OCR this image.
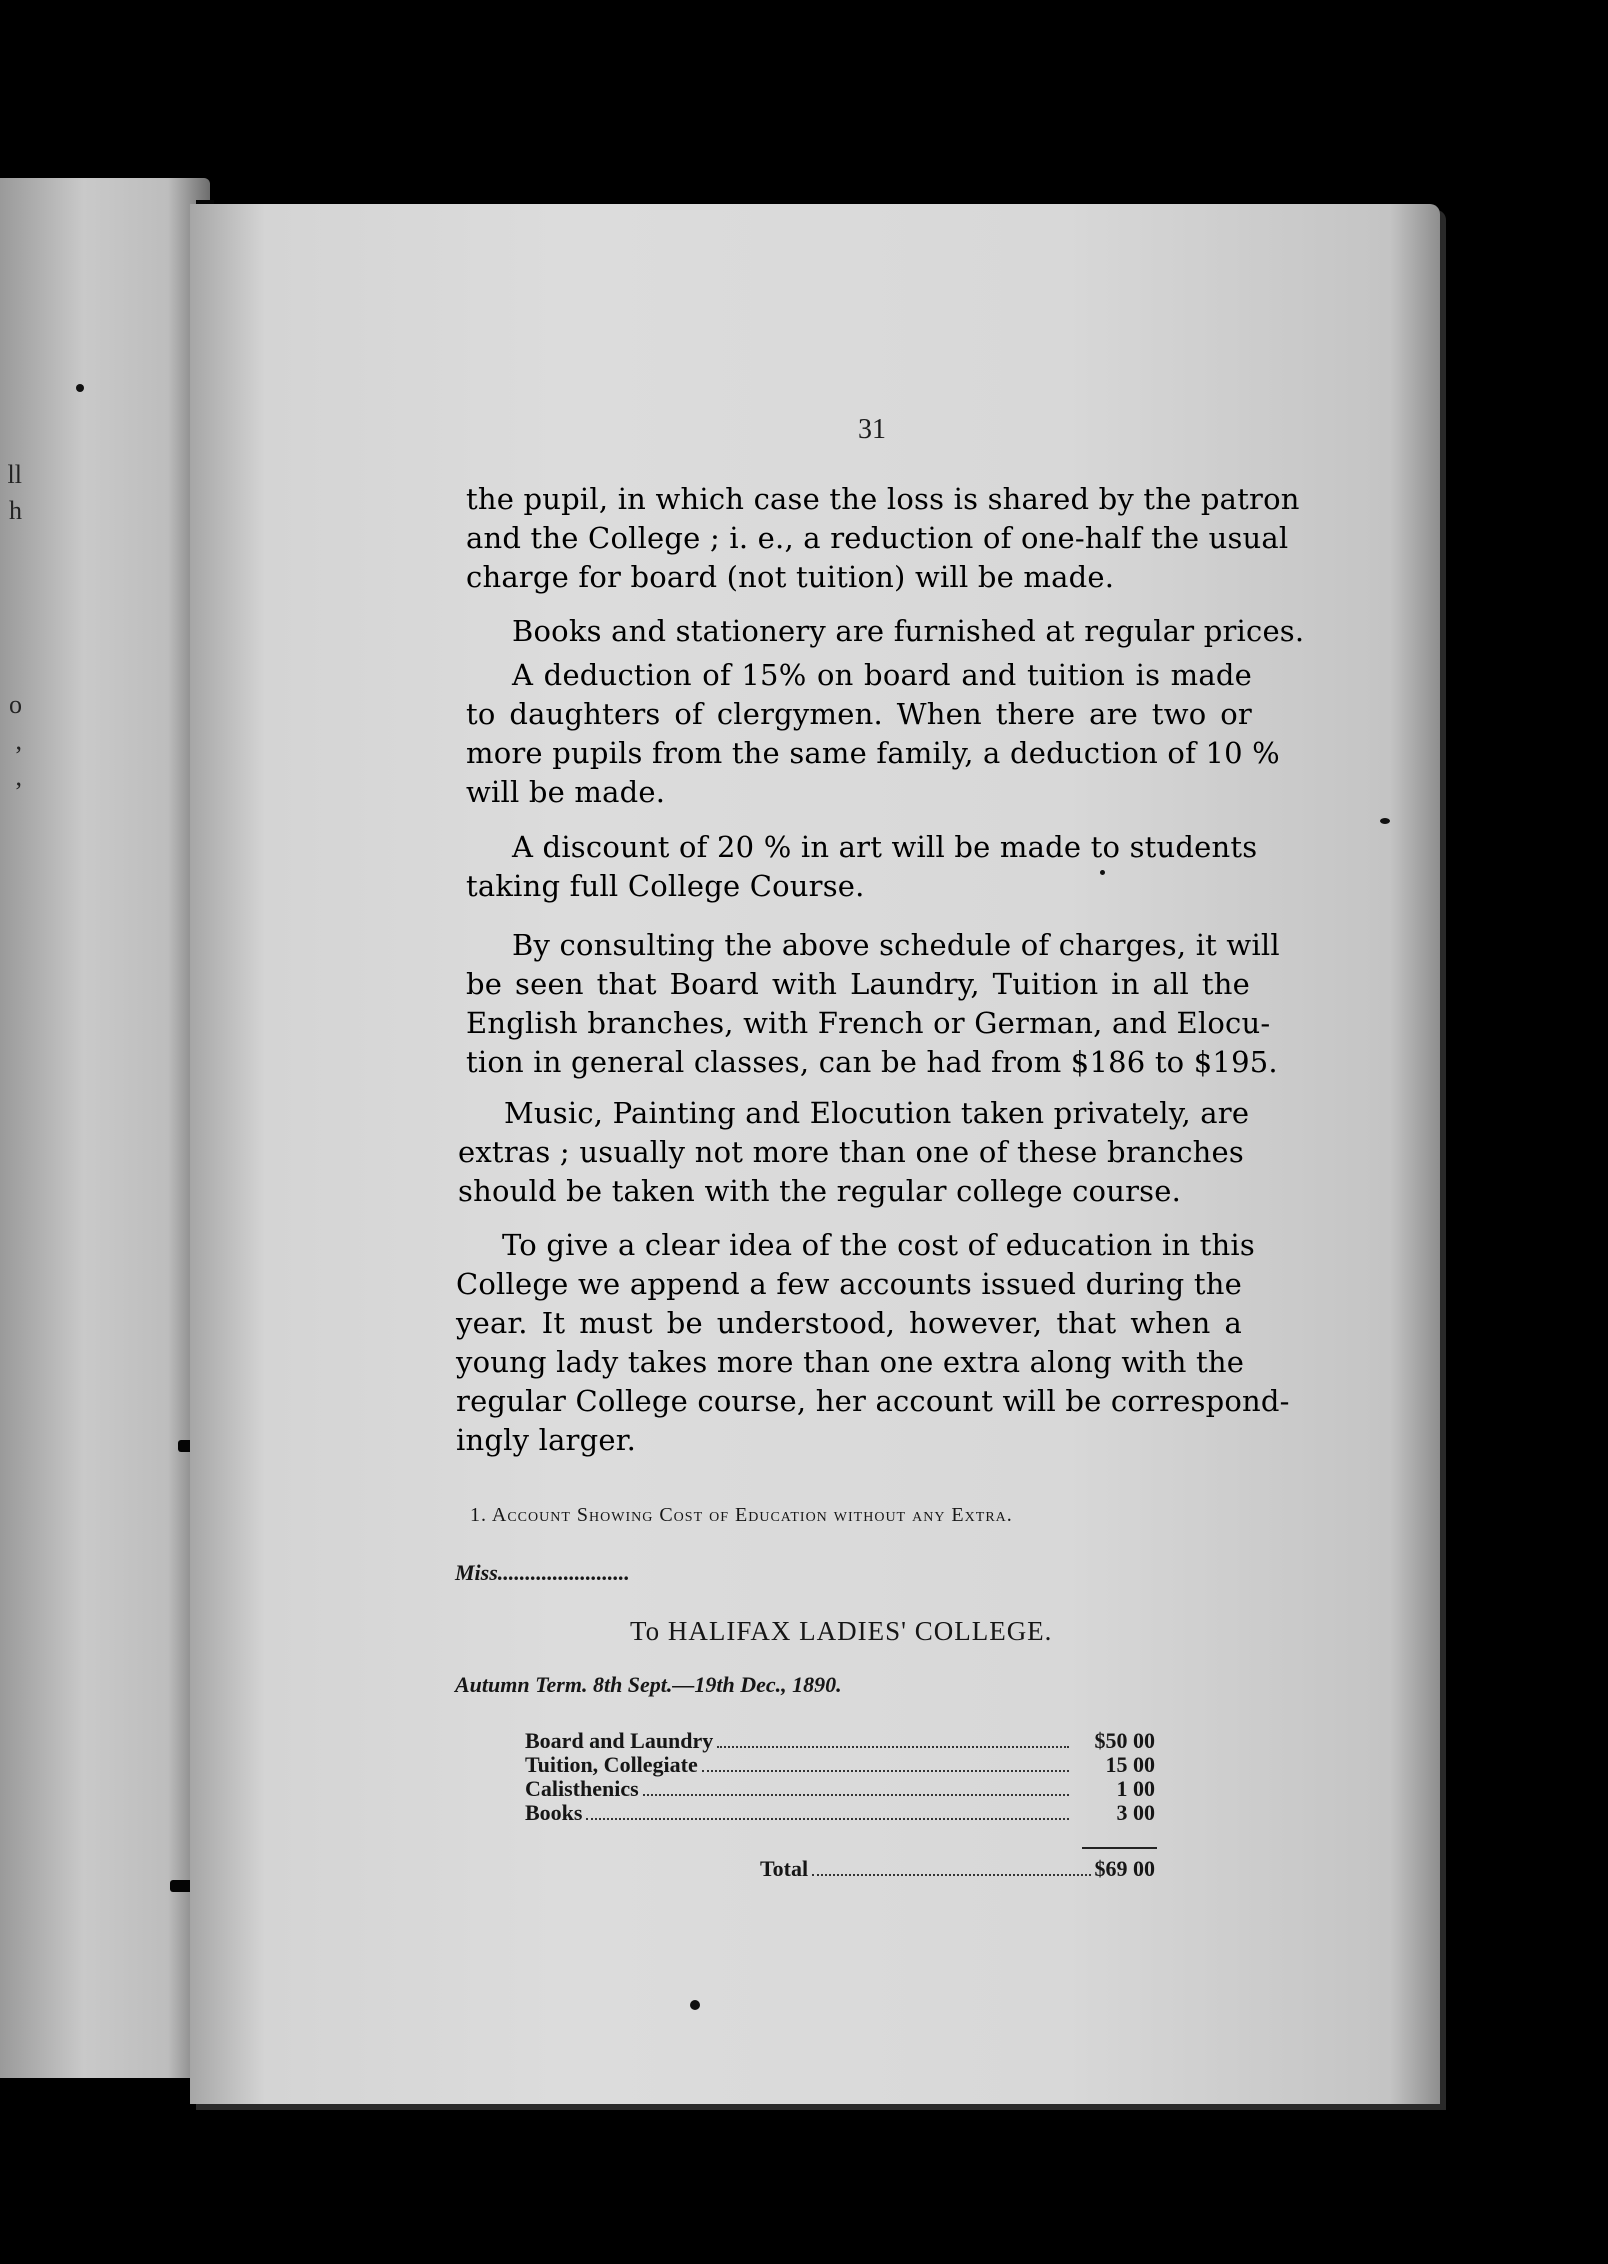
ll
h
o
,
,
31
the pupil, in which case the loss is shared by the patron
and the College ; i. e., a reduction of one-half the usual
charge for board (not tuition) will be made.
Books and stationery are furnished at regular prices.
A deduction of 15% on board and tuition is made
to daughters of clergymen. When there are two or
more pupils from the same family, a deduction of 10 %
will be made.
A discount of 20 % in art will be made to students
taking full College Course.
By consulting the above schedule of charges, it will
be seen that Board with Laundry, Tuition in all the
English branches, with French or German, and Elocu-
tion in general classes, can be had from $186 to $195.
Music, Painting and Elocution taken privately, are
extras ; usually not more than one of these branches
should be taken with the regular college course.
To give a clear idea of the cost of education in this
College we append a few accounts issued during the
year. It must be understood, however, that when a
young lady takes more than one extra along with the
regular College course, her account will be correspond-
ingly larger.
1. Account Showing Cost of Education without any Extra.
Miss........................
To HALIFAX LADIES' COLLEGE.
Autumn Term. 8th Sept.—19th Dec., 1890.
Board and Laundry	$50 00
Tuition, Collegiate	15 00
Calisthenics	1 00
Books	3 00
Total	$69 00
